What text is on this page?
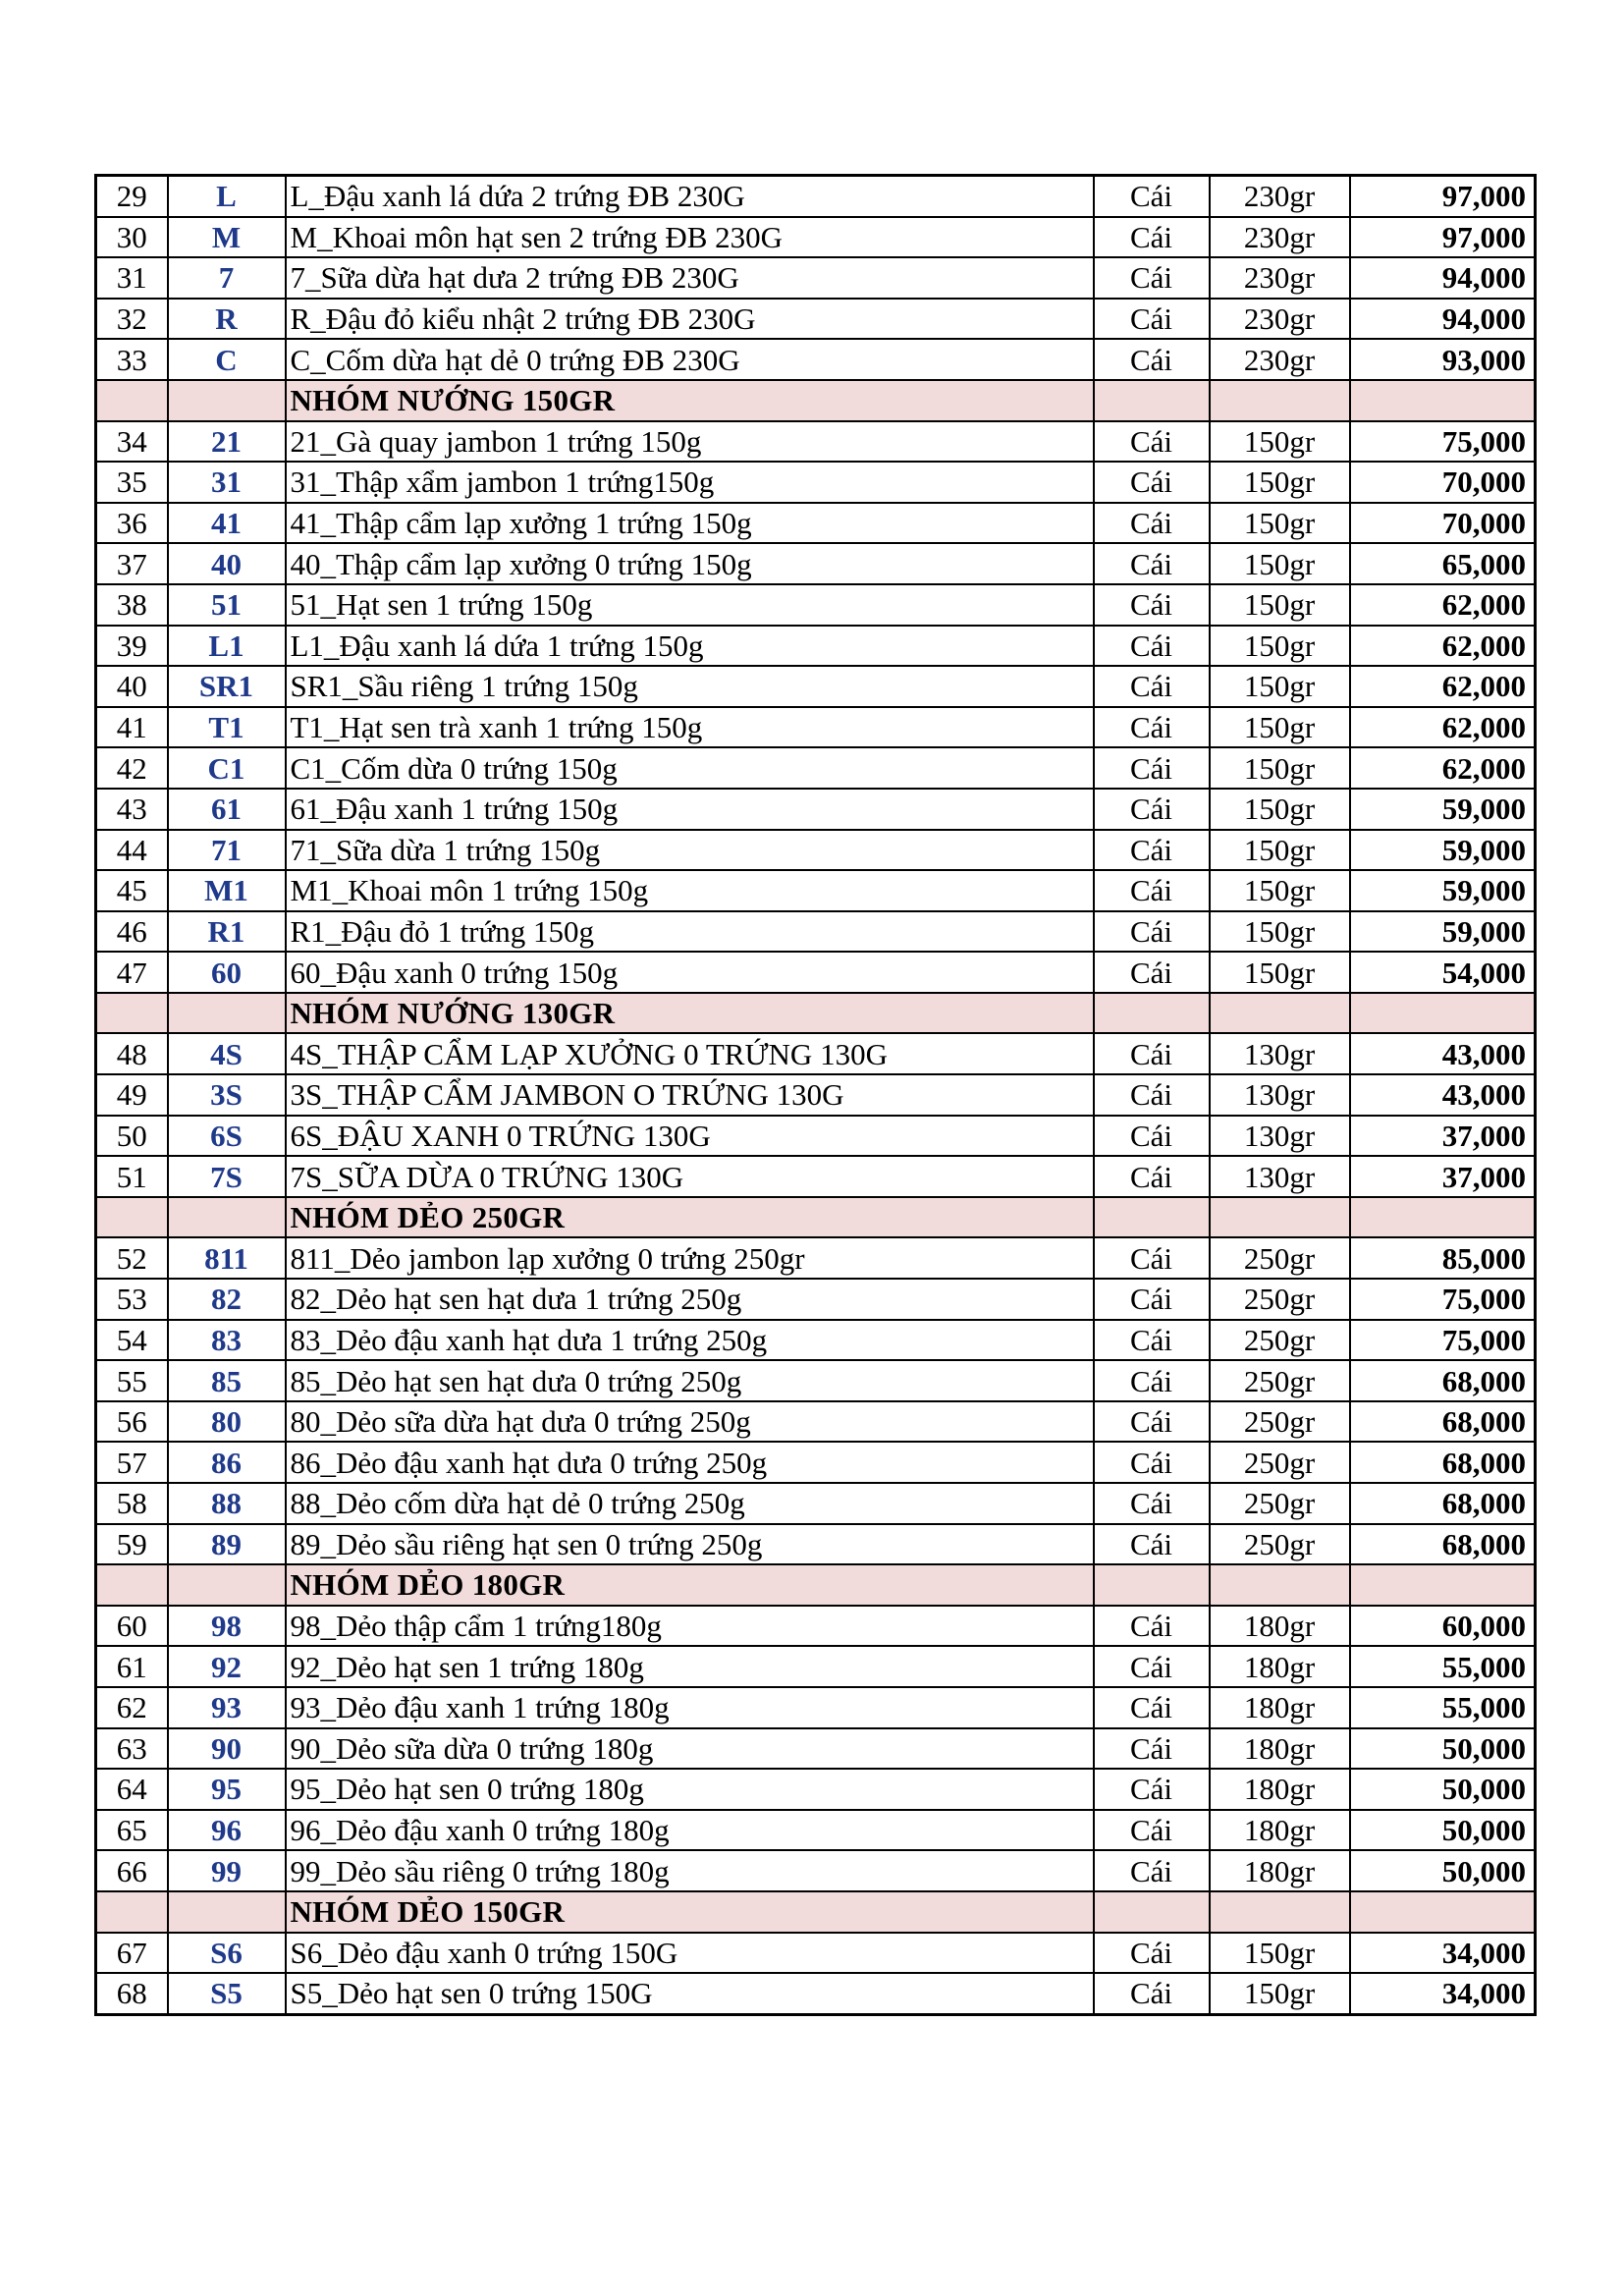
29	L	L_Đậu xanh lá dứa 2 trứng ĐB 230G	Cái	230gr	97,000
30	M	M_Khoai môn hạt sen 2 trứng ĐB 230G	Cái	230gr	97,000
31	7	7_Sữa dừa hạt dưa 2 trứng ĐB 230G	Cái	230gr	94,000
32	R	R_Đậu đỏ kiểu nhật 2 trứng ĐB 230G	Cái	230gr	94,000
33	C	C_Cốm dừa hạt dẻ 0 trứng ĐB 230G	Cái	230gr	93,000
		NHÓM NƯỚNG 150GR			
34	21	21_Gà quay jambon 1 trứng 150g	Cái	150gr	75,000
35	31	31_Thập xẩm jambon 1 trứng150g	Cái	150gr	70,000
36	41	41_Thập cẩm lạp xưởng 1 trứng 150g	Cái	150gr	70,000
37	40	40_Thập cẩm lạp xưởng 0 trứng 150g	Cái	150gr	65,000
38	51	51_Hạt sen 1 trứng 150g	Cái	150gr	62,000
39	L1	L1_Đậu xanh lá dứa 1 trứng 150g	Cái	150gr	62,000
40	SR1	SR1_Sầu riêng 1 trứng 150g	Cái	150gr	62,000
41	T1	T1_Hạt sen trà xanh 1 trứng 150g	Cái	150gr	62,000
42	C1	C1_Cốm dừa 0 trứng 150g	Cái	150gr	62,000
43	61	61_Đậu xanh 1 trứng 150g	Cái	150gr	59,000
44	71	71_Sữa dừa 1 trứng 150g	Cái	150gr	59,000
45	M1	M1_Khoai môn 1 trứng 150g	Cái	150gr	59,000
46	R1	R1_Đậu đỏ 1 trứng 150g	Cái	150gr	59,000
47	60	60_Đậu xanh 0 trứng 150g	Cái	150gr	54,000
		NHÓM NƯỚNG 130GR			
48	4S	4S_THẬP CẨM LẠP XƯỞNG 0 TRỨNG 130G	Cái	130gr	43,000
49	3S	3S_THẬP CẨM JAMBON O TRỨNG 130G	Cái	130gr	43,000
50	6S	6S_ĐẬU XANH 0 TRỨNG 130G	Cái	130gr	37,000
51	7S	7S_SỮA DỪA 0 TRỨNG 130G	Cái	130gr	37,000
		NHÓM DẺO 250GR			
52	811	811_Dẻo jambon lạp xưởng 0 trứng 250gr	Cái	250gr	85,000
53	82	82_Dẻo hạt sen hạt dưa 1 trứng 250g	Cái	250gr	75,000
54	83	83_Dẻo đậu xanh hạt dưa 1 trứng 250g	Cái	250gr	75,000
55	85	85_Dẻo hạt sen hạt dưa 0 trứng 250g	Cái	250gr	68,000
56	80	80_Dẻo sữa dừa hạt dưa 0 trứng 250g	Cái	250gr	68,000
57	86	86_Dẻo đậu xanh hạt dưa 0 trứng 250g	Cái	250gr	68,000
58	88	88_Dẻo cốm dừa hạt dẻ 0 trứng 250g	Cái	250gr	68,000
59	89	89_Dẻo sầu riêng hạt sen 0 trứng 250g	Cái	250gr	68,000
		NHÓM DẺO 180GR			
60	98	98_Dẻo thập cẩm 1 trứng180g	Cái	180gr	60,000
61	92	92_Dẻo hạt sen 1 trứng 180g	Cái	180gr	55,000
62	93	93_Dẻo đậu xanh 1 trứng 180g	Cái	180gr	55,000
63	90	90_Dẻo sữa dừa 0 trứng 180g	Cái	180gr	50,000
64	95	95_Dẻo hạt sen 0 trứng 180g	Cái	180gr	50,000
65	96	96_Dẻo đậu xanh 0 trứng 180g	Cái	180gr	50,000
66	99	99_Dẻo sầu riêng 0 trứng 180g	Cái	180gr	50,000
		NHÓM DẺO 150GR			
67	S6	S6_Dẻo đậu xanh 0 trứng 150G	Cái	150gr	34,000
68	S5	S5_Dẻo hạt sen 0 trứng 150G	Cái	150gr	34,000
